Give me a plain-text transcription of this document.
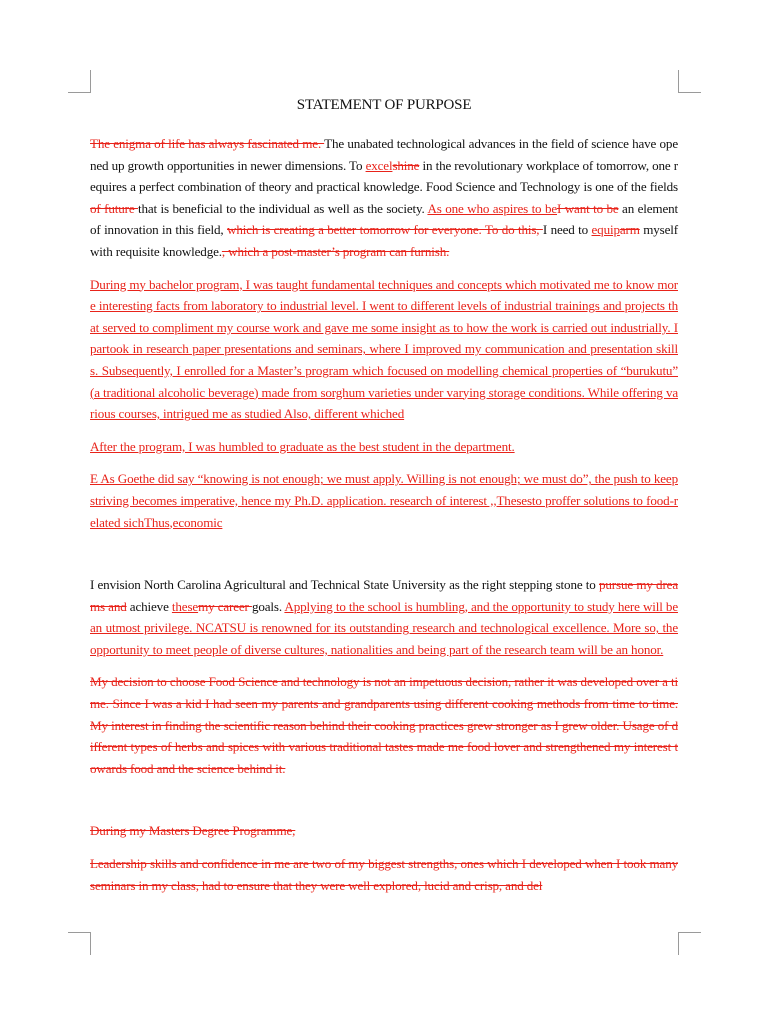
STATEMENT OF PURPOSE

The enigma of life has always fascinated me. The unabated technological advances in the field of science have opened up growth opportunities in newer dimensions. To excelshine in the revolutionary workplace of tomorrow, one requires a perfect combination of theory and practical knowledge. Food Science and Technology is one of the fields of future that is beneficial to the individual as well as the society. As one who aspires to beI want to be an element of innovation in this field, which is creating a better tomorrow for everyone. To do this, I need to equiparm myself with requisite knowledge., which a post-master’s program can furnish.

During my bachelor program, I was taught fundamental techniques and concepts which motivated me to know more interesting facts from laboratory to industrial level. I went to different levels of industrial trainings and projects that served to compliment my course work and gave me some insight as to how the work is carried out industrially. I partook in research paper presentations and seminars, where I improved my communication and presentation skills. Subsequently, I enrolled for a Master’s program which focused on modelling chemical properties of “burukutu” (a traditional alcoholic beverage) made from sorghum varieties under varying storage conditions. While offering various courses, intrigued me as studied Also, different whiched

After the program, I was humbled to graduate as the best student in the department.

E As Goethe did say “knowing is not enough; we must apply. Willing is not enough; we must do”, the push to keep striving becomes imperative, hence my Ph.D. application. research of interest ,,Thesesto proffer solutions to food-related sichThus,economic

I envision North Carolina Agricultural and Technical State University as the right stepping stone to pursue my dreams and achieve thesemy career goals. Applying to the school is humbling, and the opportunity to study here will be an utmost privilege. NCATSU is renowned for its outstanding research and technological excellence. More so, the opportunity to meet people of diverse cultures, nationalities and being part of the research team will be an honor.

My decision to choose Food Science and technology is not an impetuous decision, rather it was developed over a time. Since I was a kid I had seen my parents and grandparents using different cooking methods from time to time. My interest in finding the scientific reason behind their cooking practices grew stronger as I grew older. Usage of different types of herbs and spices with various traditional tastes made me food lover and strengthened my interest towards food and the science behind it.

During my Masters Degree Programme,

Leadership skills and confidence in me are two of my biggest strengths, ones which I developed when I took many seminars in my class, had to ensure that they were well explored, lucid and crisp, and del
